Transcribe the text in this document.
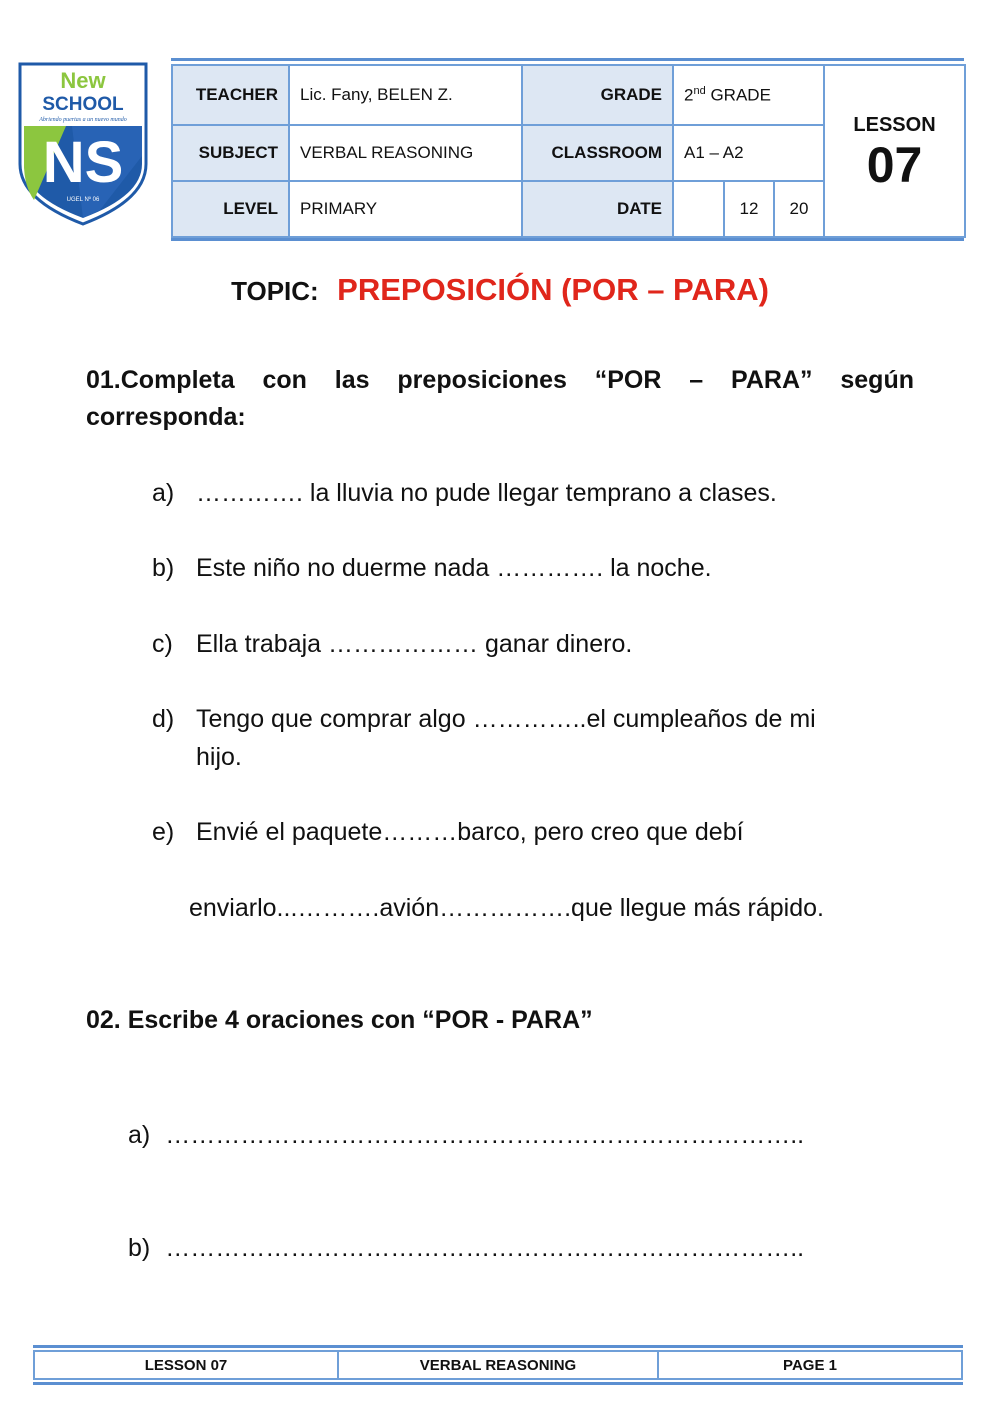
New
SCHOOL
Abriendo puertas a un nuevo mundo
NS
UGEL Nº 06
TEACHER	Lic. Fany, BELEN Z.	GRADE	2nd GRADE			LESSON
07

SUBJECT	VERBAL REASONING	CLASSROOM	A1 – A2			
LEVEL	PRIMARY	DATE		12	20	
TOPIC: PREPOSICIÓN (POR – PARA)
01.Completa con las preposiciones “POR – PARA” según
corresponda:
a) …………. la lluvia no pude llegar temprano a clases.
b) Este niño no duerme nada …………. la noche.
c) Ella trabaja ……………… ganar dinero.
d) Tengo que comprar algo …………..el cumpleaños de mi
hijo.
e) Envié el paquete………barco, pero creo que debí
enviarlo...……….avión…………….que llegue más rápido.
02. Escribe 4 oraciones con “POR - PARA”
a) …………………………………………………………………..
b) …………………………………………………………………..
LESSON 07	VERBAL REASONING	PAGE 1
